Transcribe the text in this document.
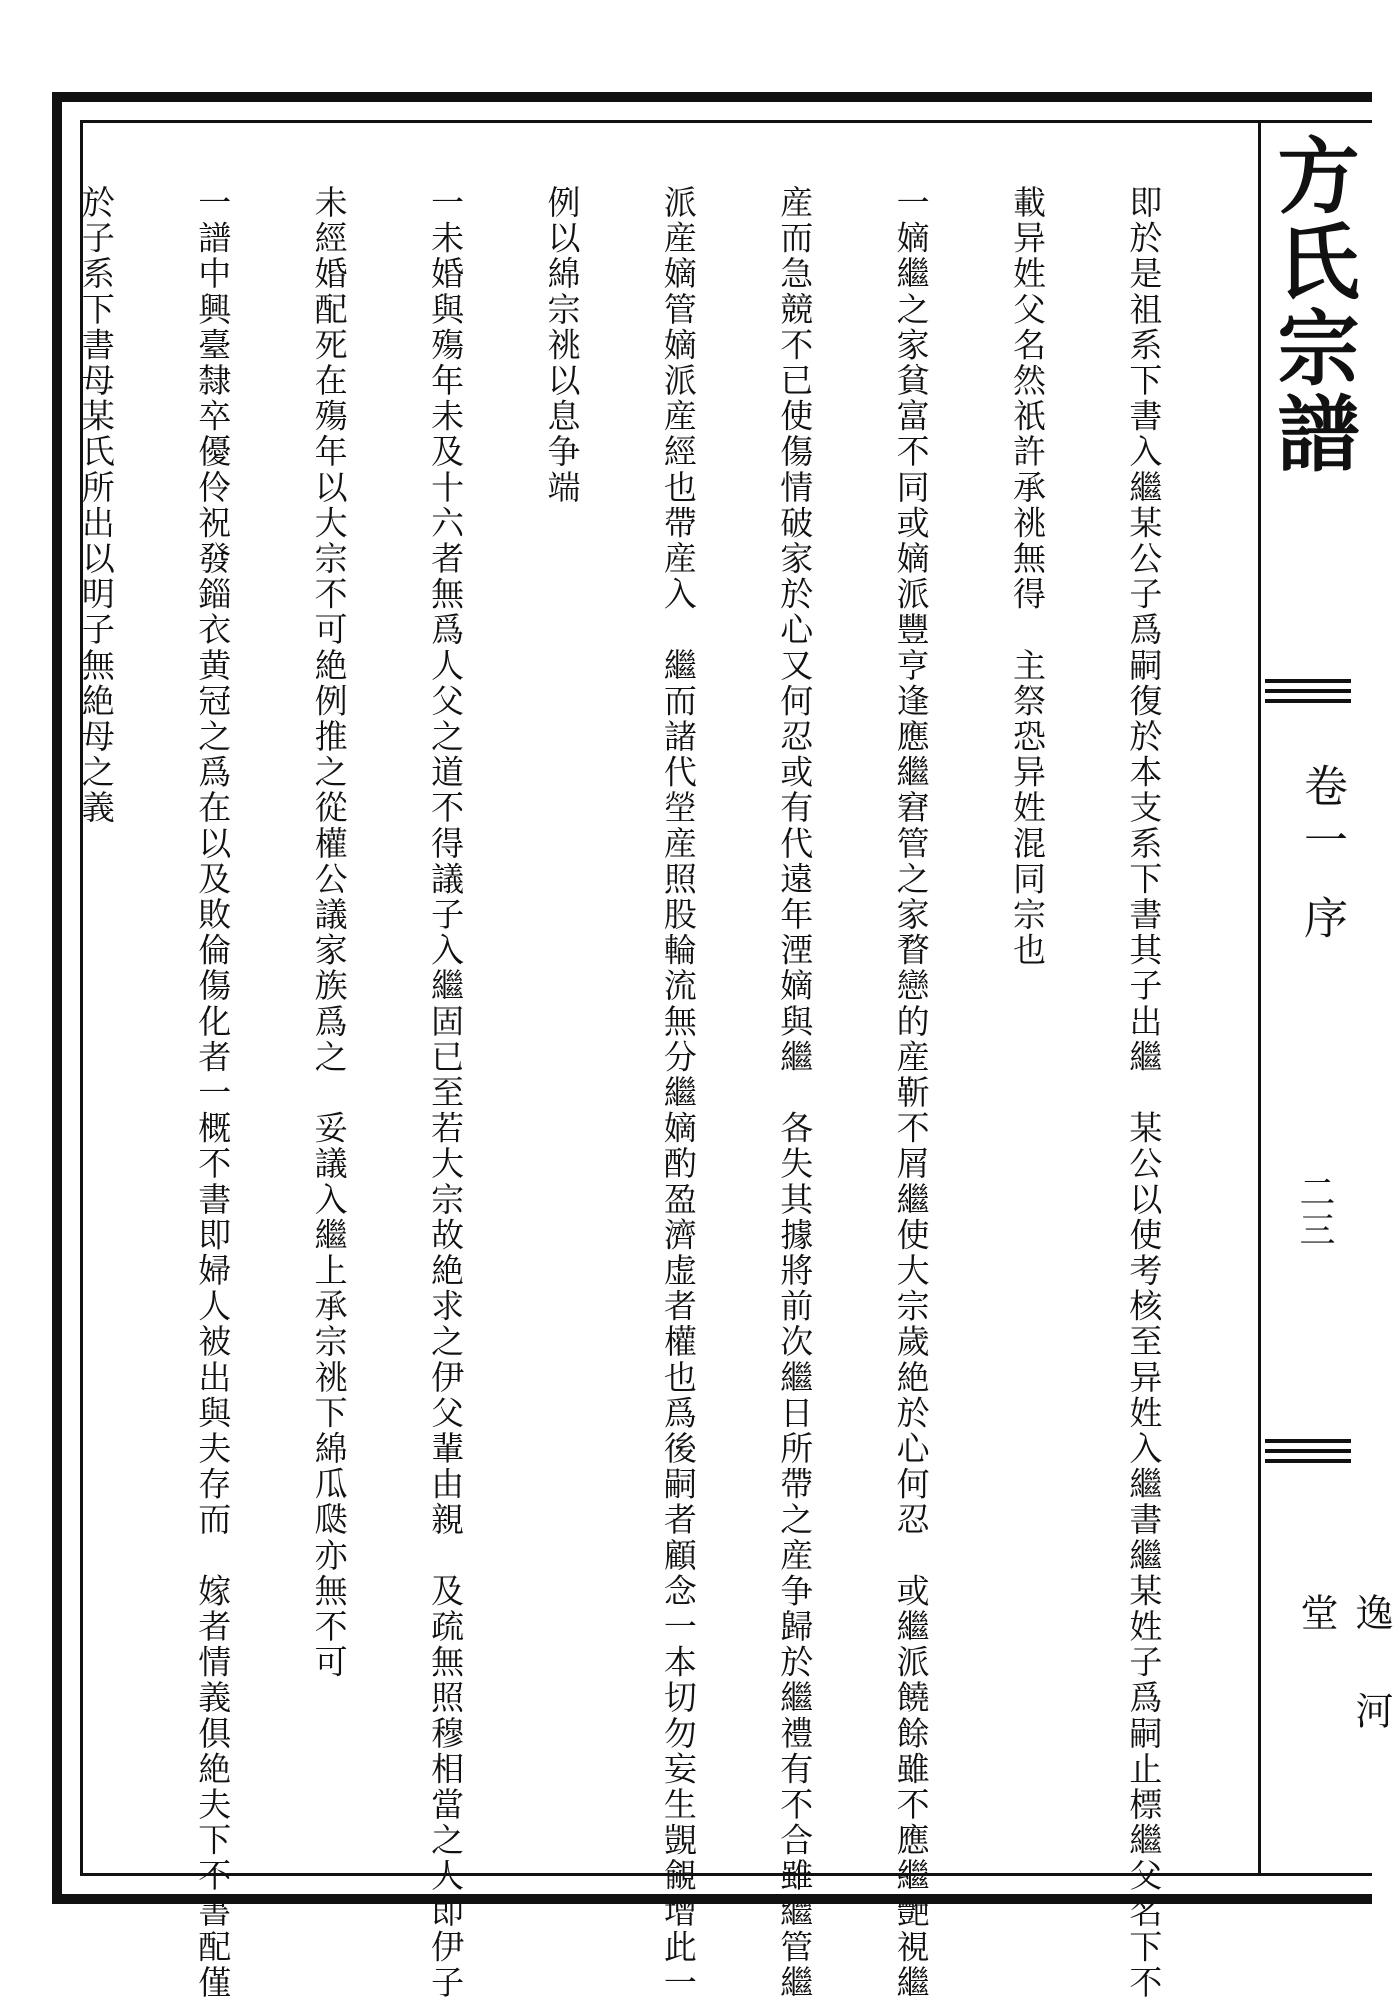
方氏宗譜
卷一 序
二三
逸河堂

即於是祖系下書入繼某公子爲嗣復於本支系下書其子出繼　某公以使考核至异姓入繼書繼某姓子爲嗣止標繼父名下不

載异姓父名然祇許承祧無得　主祭恐异姓混同宗也

一嫡繼之家貧富不同或嫡派豐亨逢應繼窘管之家瞀戀的産靳不屑繼使大宗歲絶於心何忍　或繼派饒餘雖不應繼艷視繼

産而急競不已使傷情破家於心又何忍或有代遠年湮嫡與繼　各失其據將前次繼日所帶之産争歸於繼禮有不合雖繼管繼

派産嫡管嫡派産經也帶産入　繼而諸代塋産照股輪流無分繼嫡酌盈濟虚者權也爲後嗣者顧念一本切勿妄生覬覦增此一

例以綿宗祧以息争端

一未婚與殤年未及十六者無爲人父之道不得議子入繼固已至若大宗故絶求之伊父輩由親　及疏無照穆相當之人即伊子

未經婚配死在殤年以大宗不可絶例推之從權公議家族爲之　妥議入繼上承宗祧下綿瓜瓞亦無不可

一譜中興臺隸卒優伶祝發錙衣黄冠之爲在以及敗倫傷化者一概不書即婦人被出與夫存而　嫁者情義俱絶夫下不書配僅

於子系下書母某氏所出以明子無絶母之義
